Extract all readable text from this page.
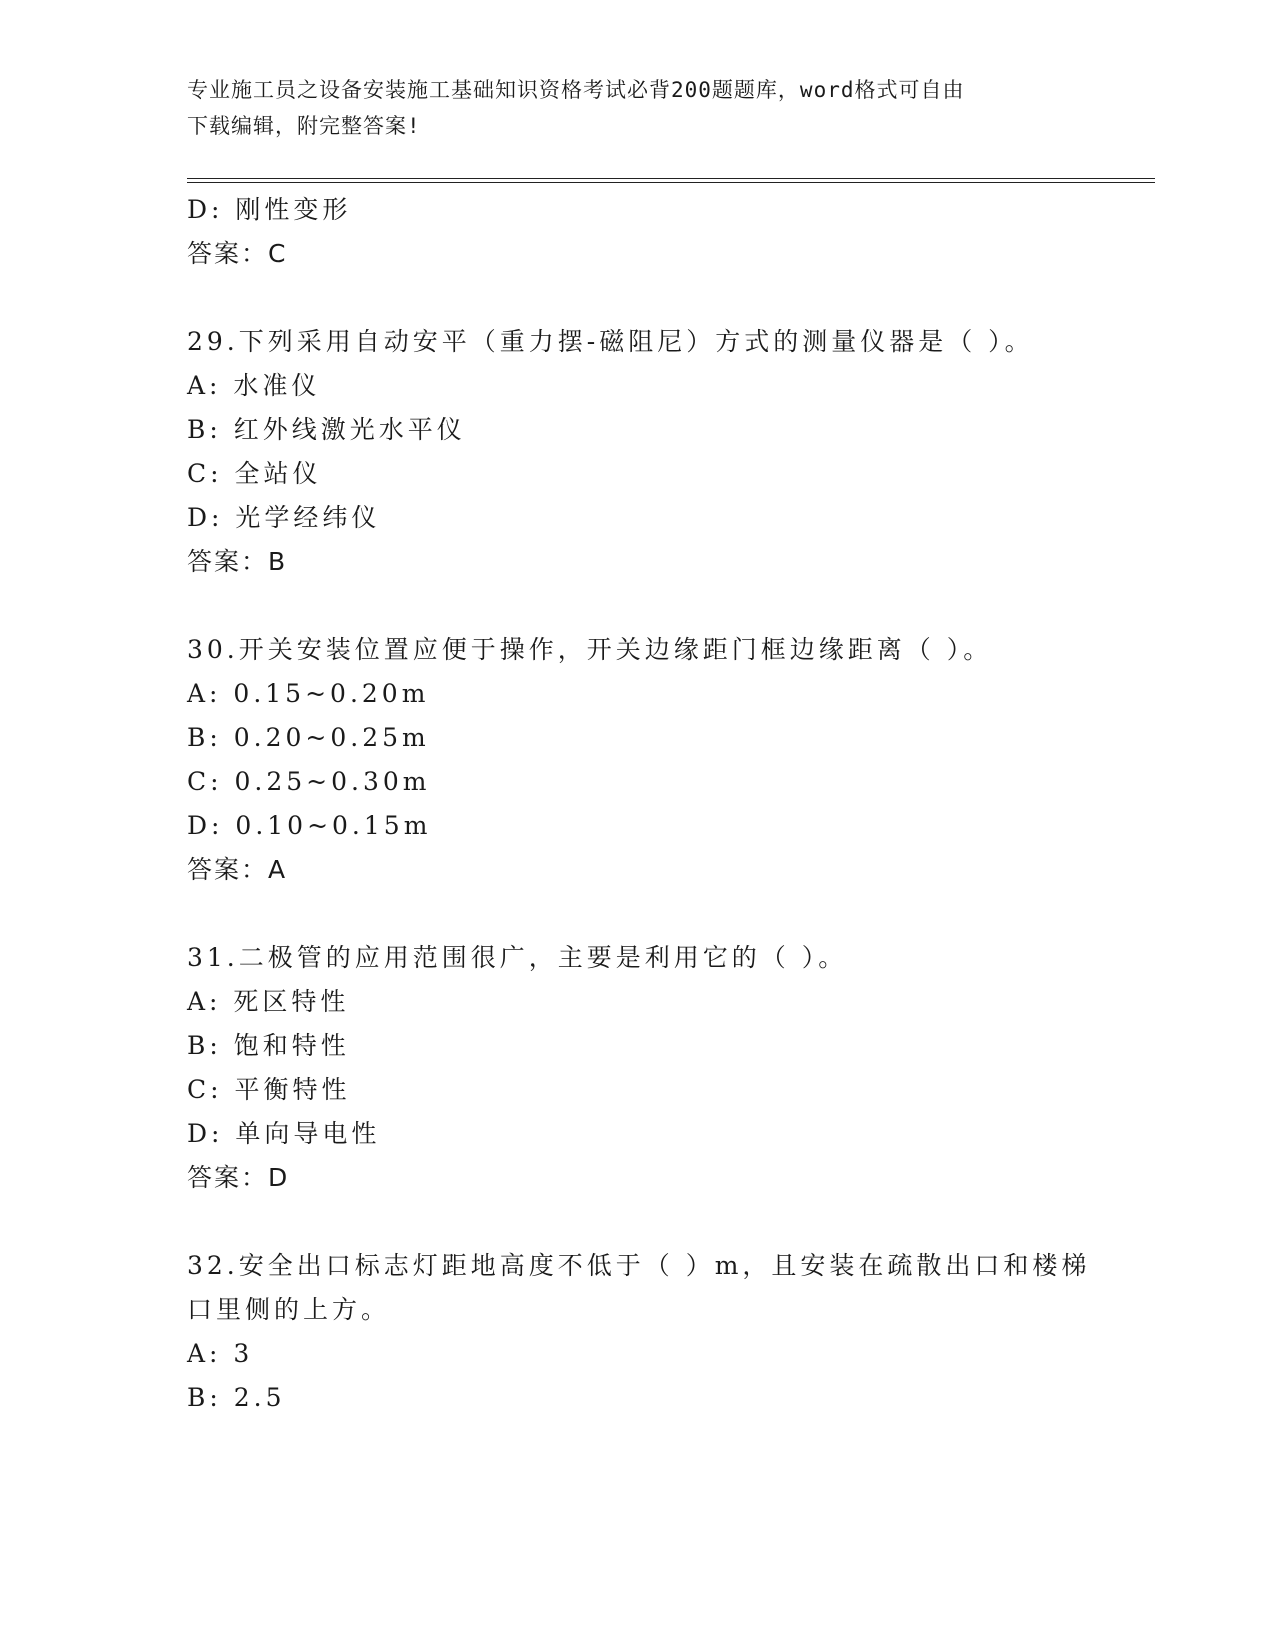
专业施工员之设备安装施工基础知识资格考试必背200题题库，word格式可自由
下载编辑，附完整答案!
D: 刚性变形
答案：C
29.下列采用自动安平（重力摆-磁阻尼）方式的测量仪器是（ ）。
A: 水准仪
B: 红外线激光水平仪
C: 全站仪
D: 光学经纬仪
答案：B
30.开关安装位置应便于操作，开关边缘距门框边缘距离（ ）。
A: 0.15~0.20m
B: 0.20~0.25m
C: 0.25~0.30m
D: 0.10~0.15m
答案：A
31.二极管的应用范围很广，主要是利用它的（ ）。
A: 死区特性
B: 饱和特性
C: 平衡特性
D: 单向导电性
答案：D
32.安全出口标志灯距地高度不低于（ ）m，且安装在疏散出口和楼梯
口里侧的上方。
A: 3
B: 2.5
